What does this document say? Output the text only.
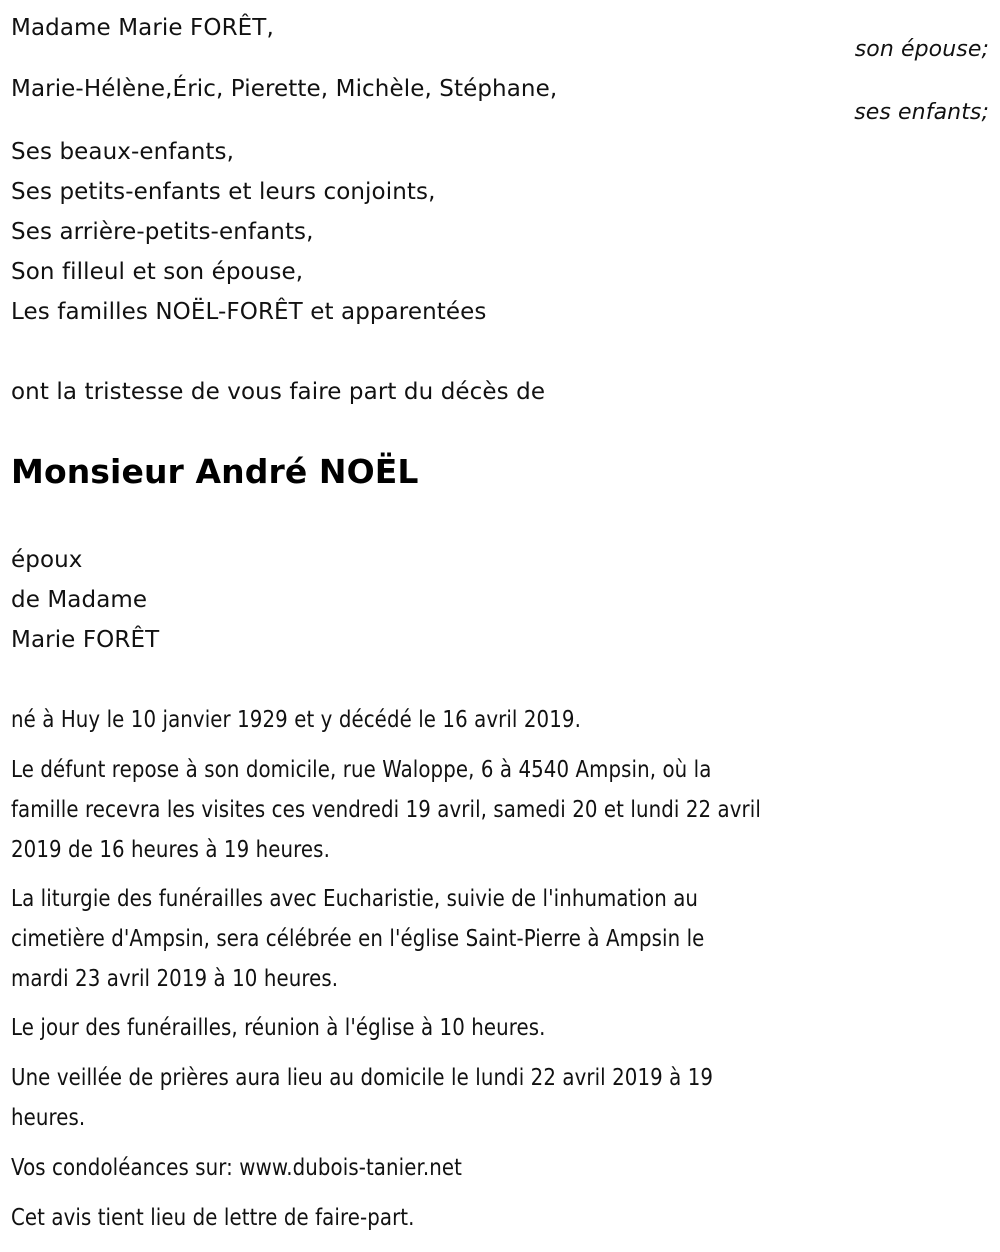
Madame Marie FORÊT,
son épouse;
Marie-Hélène,Éric, Pierette, Michèle, Stéphane,
ses enfants;
Ses beaux-enfants,
Ses petits-enfants et leurs conjoints,
Ses arrière-petits-enfants,
Son filleul et son épouse,
Les familles NOËL-FORÊT et apparentées
ont la tristesse de vous faire part du décès de
Monsieur André NOËL
époux
de Madame
Marie FORÊT
né à Huy le 10 janvier 1929 et y décédé le 16 avril 2019.
Le défunt repose à son domicile, rue Waloppe, 6 à 4540 Ampsin, où la
famille recevra les visites ces vendredi 19 avril, samedi 20 et lundi 22 avril
2019 de 16 heures à 19 heures.
La liturgie des funérailles avec Eucharistie, suivie de l'inhumation au
cimetière d'Ampsin, sera célébrée en l'église Saint-Pierre à Ampsin le
mardi 23 avril 2019 à 10 heures.
Le jour des funérailles, réunion à l'église à 10 heures.
Une veillée de prières aura lieu au domicile le lundi 22 avril 2019 à 19
heures.
Vos condoléances sur: www.dubois-tanier.net
Cet avis tient lieu de lettre de faire-part.
